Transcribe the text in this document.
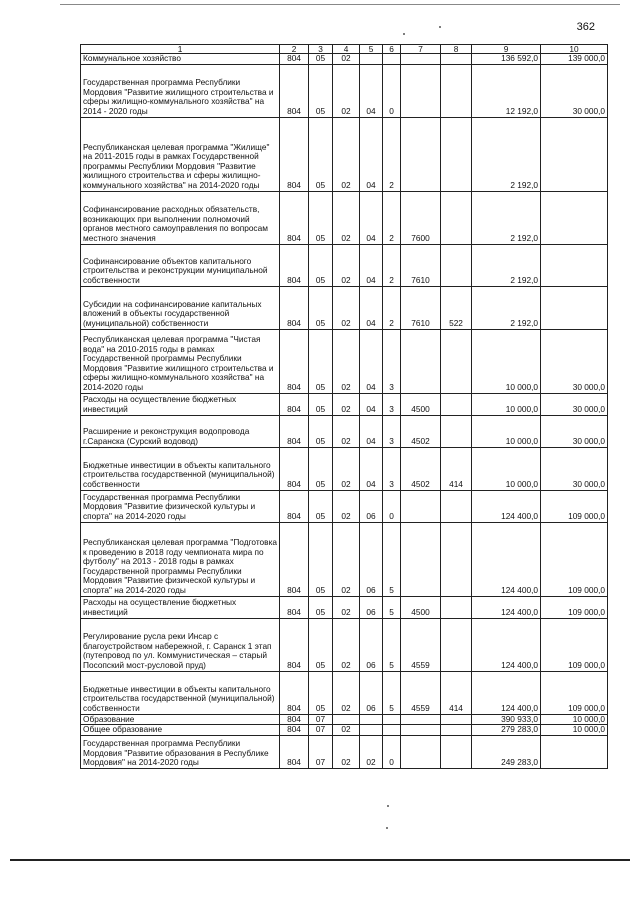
362
1	2	3	4	5	6	7	8	9	10
Коммунальное хозяйство	804	05	02					136 592,0	139 000,0
Государственная программа Республики Мордовия "Развитие жилищного строительства и сферы жилищно-коммунального хозяйства" на 2014 - 2020 годы	804	05	02	04	0			12 192,0	30 000,0
Республиканская целевая программа "Жилище" на 2011-2015 годы в рамках Государственной программы Республики Мордовия "Развитие жилищного строительства и сферы жилищно-коммунального хозяйства" на 2014-2020 годы	804	05	02	04	2			2 192,0	
Софинансирование расходных обязательств, возникающих при выполнении полномочий органов местного самоуправления по вопросам местного значения	804	05	02	04	2	7600		2 192,0	
Софинансирование объектов капитального строительства и реконструкции муниципальной собственности	804	05	02	04	2	7610		2 192,0	
Субсидии на софинансирование капитальных вложений в объекты государственной (муниципальной) собственности	804	05	02	04	2	7610	522	2 192,0	
Республиканская целевая программа "Чистая вода" на 2010-2015 годы в рамках Государственной программы Республики Мордовия "Развитие жилищного строительства и сферы жилищно-коммунального хозяйства" на 2014-2020 годы	804	05	02	04	3			10 000,0	30 000,0
Расходы на осуществление бюджетных инвестиций	804	05	02	04	3	4500		10 000,0	30 000,0
Расширение и реконструкция водопровода г.Саранска (Сурский водовод)	804	05	02	04	3	4502		10 000,0	30 000,0
Бюджетные инвестиции в объекты капитального строительства государственной (муниципальной) собственности	804	05	02	04	3	4502	414	10 000,0	30 000,0
Государственная программа Республики Мордовия "Развитие физической культуры и спорта" на 2014-2020 годы	804	05	02	06	0			124 400,0	109 000,0
Республиканская целевая программа "Подготовка к проведению в 2018 году чемпионата мира по футболу" на 2013 - 2018 годы в рамках Государственной программы Республики Мордовия "Развитие физической культуры и спорта" на 2014-2020 годы	804	05	02	06	5			124 400,0	109 000,0
Расходы на осуществление бюджетных инвестиций	804	05	02	06	5	4500		124 400,0	109 000,0
Регулирование русла реки Инсар с благоустройством набережной, г. Саранск 1 этап (путепровод по ул. Коммунистическая – старый Посопский мост-русловой пруд)	804	05	02	06	5	4559		124 400,0	109 000,0
Бюджетные инвестиции в объекты капитального строительства государственной (муниципальной) собственности	804	05	02	06	5	4559	414	124 400,0	109 000,0
Образование	804	07						390 933,0	10 000,0
Общее образование	804	07	02					279 283,0	10 000,0
Государственная программа Республики Мордовия "Развитие образования в Республике Мордовия" на 2014-2020 годы	804	07	02	02	0			249 283,0	
